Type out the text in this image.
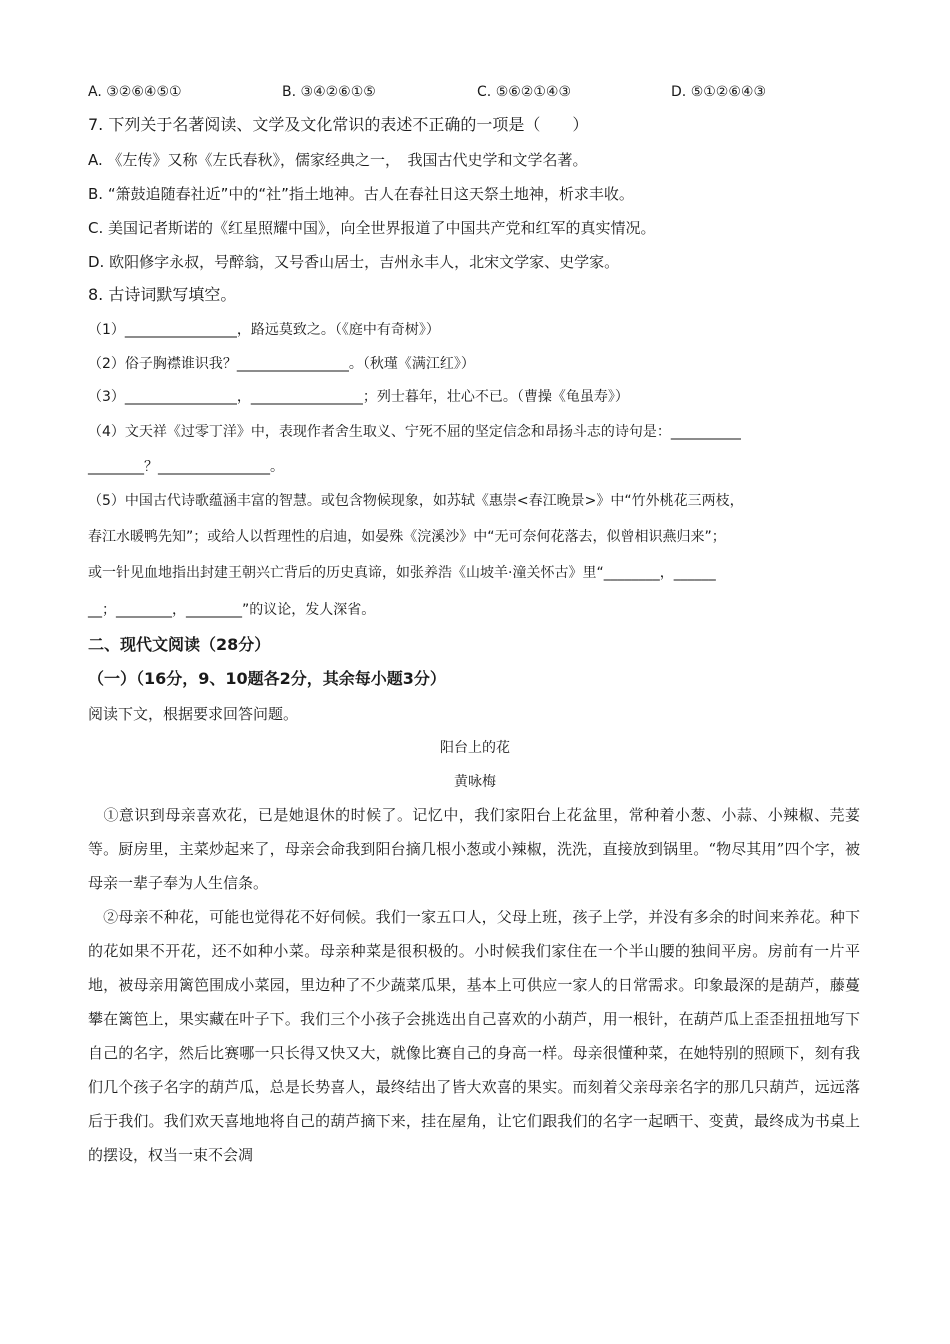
A. ③②⑥④⑤①	B. ③④②⑥①⑤	C. ⑤⑥②①④③	D. ⑤①②⑥④③
7. 下列关于名著阅读、文学及文化常识的表述不正确的一项是（　　）
A. 《左传》又称《左氏春秋》，儒家经典之一，　我国古代史学和文学名著。
B. “箫鼓追随春社近”中的“社”指土地神。古人在春社日这天祭土地神，析求丰收。
C. 美国记者斯诺的《红星照耀中国》，向全世界报道了中国共产党和红军的真实情况。
D. 欧阳修字永叔，号醉翁，又号香山居士，吉州永丰人，北宋文学家、史学家。
8. 古诗词默写填空。
（1）________________，路远莫致之。（《庭中有奇树》）
（2）俗子胸襟谁识我？________________。（秋瑾《满江红》）
（3）________________，________________；列士暮年，壮心不已。（曹操《龟虽寿》）
（4）文天祥《过零丁洋》中，表现作者舍生取义、宁死不屈的坚定信念和昂扬斗志的诗句是：__________
________？________________。
（5）中国古代诗歌蕴涵丰富的智慧。或包含物候现象，如苏轼《惠崇<春江晚景>》中“竹外桃花三两枝，
春江水暖鸭先知”；或给人以哲理性的启迪，如晏殊《浣溪沙》中“无可奈何花落去，似曾相识燕归来”；
或一针见血地指出封建王朝兴亡背后的历史真谛，如张养浩《山坡羊·潼关怀古》里“________，______
__；________，________”的议论，发人深省。
二、现代文阅读（28分）
（一）（16分，9、10题各2分，其余每小题3分）
阅读下文，根据要求回答问题。
阳台上的花
黄咏梅
　①意识到母亲喜欢花，已是她退休的时候了。记忆中，我们家阳台上花盆里，常种着小葱、小蒜、小辣椒、芫荽等。厨房里，主菜炒起来了，母亲会命我到阳台摘几根小葱或小辣椒，洗洗，直接放到锅里。“物尽其用”四个字，被母亲一辈子奉为人生信条。
　②母亲不种花，可能也觉得花不好伺候。我们一家五口人，父母上班，孩子上学，并没有多余的时间来养花。种下的花如果不开花，还不如种小菜。母亲种菜是很积极的。小时候我们家住在一个半山腰的独间平房。房前有一片平地，被母亲用篱笆围成小菜园，里边种了不少蔬菜瓜果，基本上可供应一家人的日常需求。印象最深的是葫芦，藤蔓攀在篱笆上，果实藏在叶子下。我们三个小孩子会挑选出自己喜欢的小葫芦，用一根针，在葫芦瓜上歪歪扭扭地写下自己的名字，然后比赛哪一只长得又快又大，就像比赛自己的身高一样。母亲很懂种菜，在她特别的照顾下，刻有我们几个孩子名字的葫芦瓜，总是长势喜人，最终结出了皆大欢喜的果实。而刻着父亲母亲名字的那几只葫芦，远远落后于我们。我们欢天喜地地将自己的葫芦摘下来，挂在屋角，让它们跟我们的名字一起晒干、变黄，最终成为书桌上的摆设，权当一束不会凋
